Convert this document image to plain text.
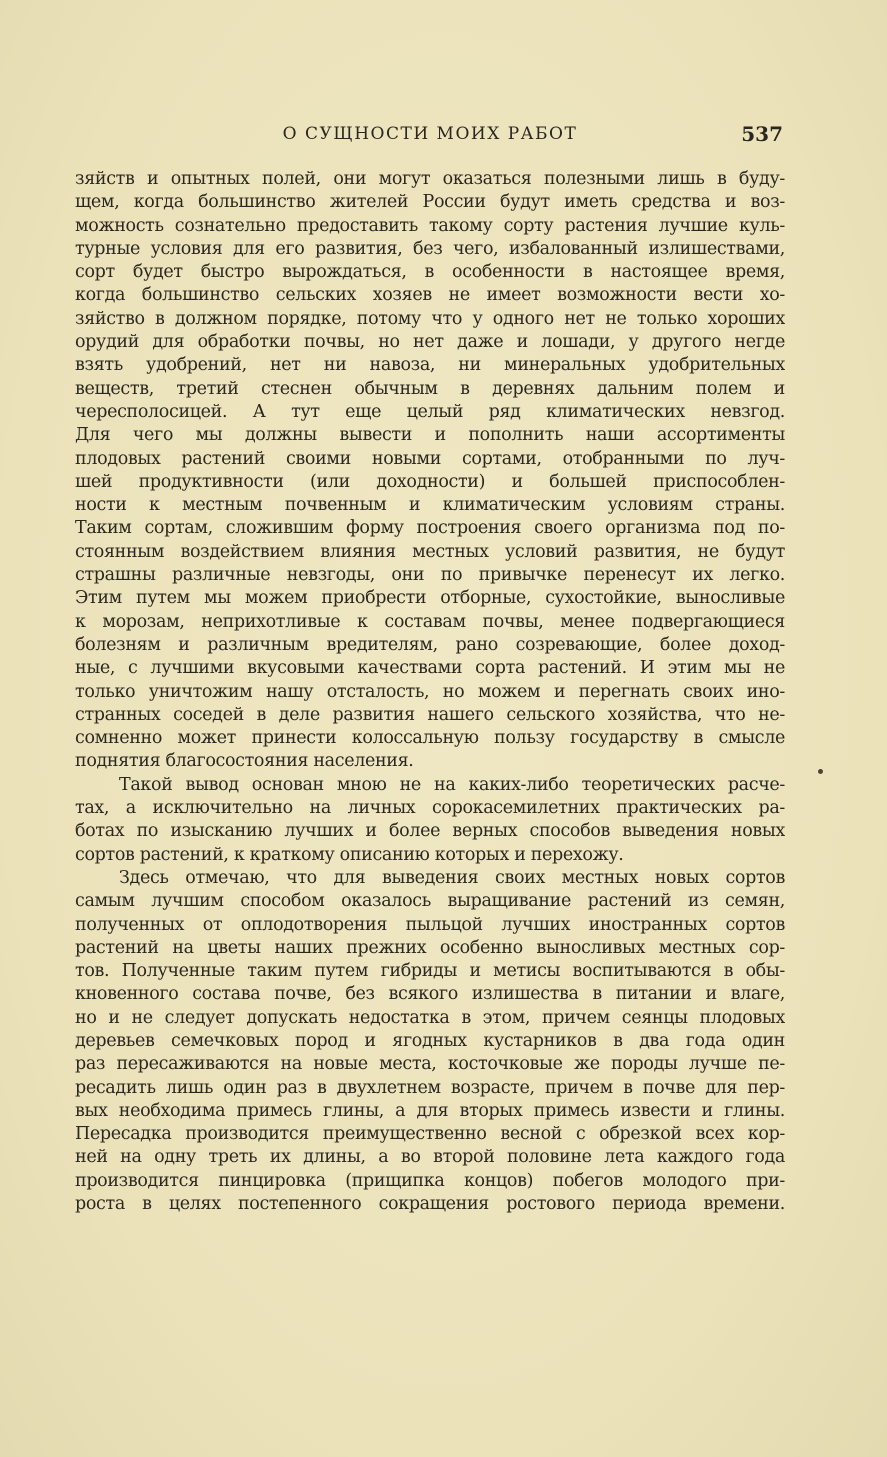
О СУЩНОСТИ МОИХ РАБОТ	537
зяйств и опытных полей, они могут оказаться полезными лишь в буду-
щем, когда большинство жителей России будут иметь средства и воз-
можность сознательно предоставить такому сорту растения лучшие куль-
турные условия для его развития, без чего, избалованный излишествами,
сорт будет быстро вырождаться, в особенности в настоящее время,
когда большинство сельских хозяев не имеет возможности вести хо-
зяйство в должном порядке, потому что у одного нет не только хороших
орудий для обработки почвы, но нет даже и лошади, у другого негде
взять удобрений, нет ни навоза, ни минеральных удобрительных
веществ, третий стеснен обычным в деревнях дальним полем и
чересполосицей. А тут еще целый ряд климатических невзгод.
Для чего мы должны вывести и пополнить наши ассортименты
плодовых растений своими новыми сортами, отобранными по луч-
шей продуктивности (или доходности) и большей приспособлен-
ности к местным почвенным и климатическим условиям страны.
Таким сортам, сложившим форму построения своего организма под по-
стоянным воздействием влияния местных условий развития, не будут
страшны различные невзгоды, они по привычке перенесут их легко.
Этим путем мы можем приобрести отборные, сухостойкие, выносливые
к морозам, неприхотливые к составам почвы, менее подвергающиеся
болезням и различным вредителям, рано созревающие, более доход-
ные, с лучшими вкусовыми качествами сорта растений. И этим мы не
только уничтожим нашу отсталость, но можем и перегнать своих ино-
странных соседей в деле развития нашего сельского хозяйства, что не-
сомненно может принести колоссальную пользу государству в смысле
поднятия благосостояния населения.
Такой вывод основан мною не на каких-либо теоретических расче-
тах, а исключительно на личных сорокасемилетних практических ра-
ботах по изысканию лучших и более верных способов выведения новых
сортов растений, к краткому описанию которых и перехожу.
Здесь отмечаю, что для выведения своих местных новых сортов
самым лучшим способом оказалось выращивание растений из семян,
полученных от оплодотворения пыльцой лучших иностранных сортов
растений на цветы наших прежних особенно выносливых местных сор-
тов. Полученные таким путем гибриды и метисы воспитываются в обы-
кновенного состава почве, без всякого излишества в питании и влаге,
но и не следует допускать недостатка в этом, причем сеянцы плодовых
деревьев семечковых пород и ягодных кустарников в два года один
раз пересаживаются на новые места, косточковые же породы лучше пе-
ресадить лишь один раз в двухлетнем возрасте, причем в почве для пер-
вых необходима примесь глины, а для вторых примесь извести и глины.
Пересадка производится преимущественно весной с обрезкой всех кор-
ней на одну треть их длины, а во второй половине лета каждого года
производится пинцировка (прищипка концов) побегов молодого при-
роста в целях постепенного сокращения ростового периода времени.
